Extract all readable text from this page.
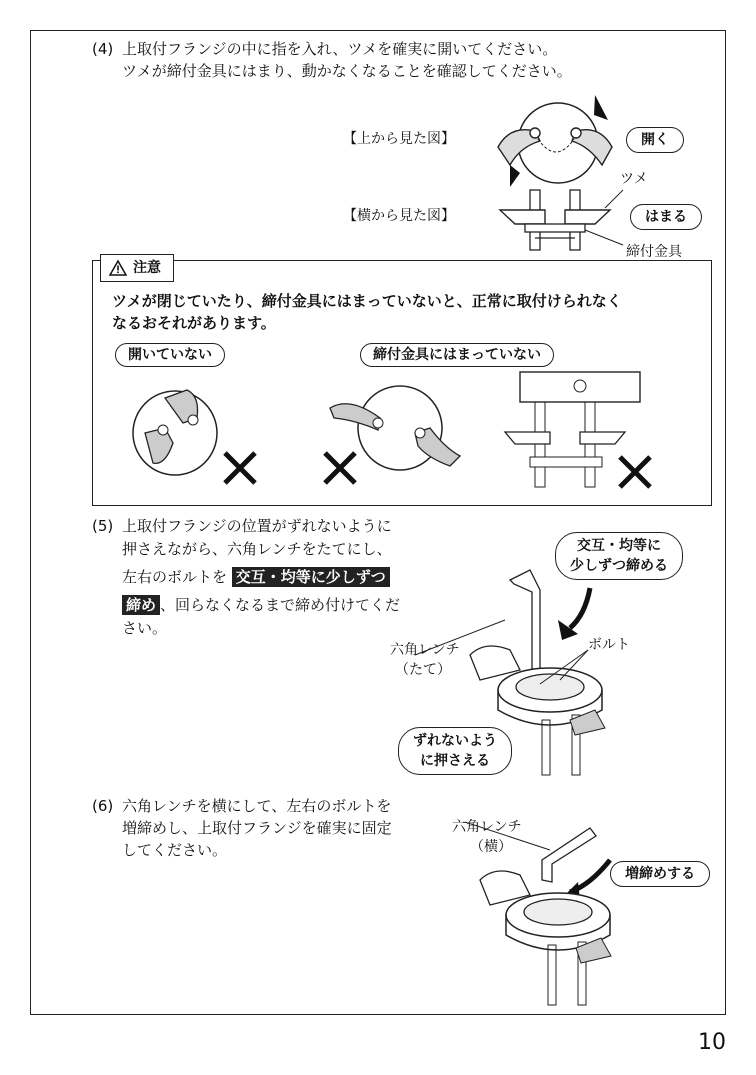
(4) 上取付フランジの中に指を入れ、ツメを確実に開いてください。
ツメが締付金具にはまり、動かなくなることを確認してください。
【上から見た図】
【横から見た図】
開く
ツメ
はまる
締付金具
注意
ツメが閉じていたり、締付金具にはまっていないと、正常に取付けられなく
なるおそれがあります。
開いていない	締付金具にはまっていない
(5) 上取付フランジの位置がずれないように
押さえながら、六角レンチをたてにし、
左右のボルトを 交互・均等に少しずつ
締め 、回らなくなるまで締め付けてくだ
さい。
交互・均等に
少しずつ締める
六角レンチ
（たて）
ボルト
ずれないよう
に押さえる
(6) 六角レンチを横にして、左右のボルトを
増締めし、上取付フランジを確実に固定
してください。
六角レンチ
（横）
増締めする
10
